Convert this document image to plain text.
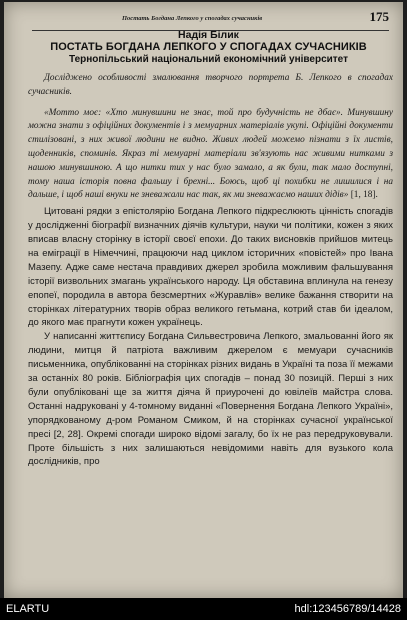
Постать Богдана Лепкого у спогадах сучасників	175
Надія Білик
ПОСТАТЬ БОГДАНА ЛЕПКОГО У СПОГАДАХ СУЧАСНИКІВ
Тернопільський національний економічний університет

Досліджено особливості змалювання творчого портрета Б. Лепкого в спогадах сучасників.

«Мотто моє: «Хто минувшини не знає, той про будучність не дбає». Минувшину можна знати з офіційних документів і з мемуарних матеріалів укупі. Офіційні документи стилізовані, з них живої людини не видно. Живих людей можемо пізнати з їх листів, щоденників, споминів. Якраз ті мемуарні матеріали зв'язують нас живими нитками з нашою минувшиною. А що нитки тих у нас було замало, а як були, так мало доступні, тому наша історія повна фальшу і брехні... Боюсь, щоб ці похибки не лишилися і на дальше, і щоб наші внуки не зневажали нас так, як ми зневажаємо наших дідів» [1, 18].

Цитовані рядки з епістолярію Богдана Лепкого підкреслюють цінність спогадів у дослідженні біографії визначних діячів культури, науки чи політики, кожен з яких вписав власну сторінку в історії своєї епохи. До таких висновків прийшов митець на еміграції в Німеччині, працюючи над циклом історичних «повістей» про Івана Мазепу. Адже саме нестача правдивих джерел зробила можливим фальшування історії визвольних змагань українського народу. Ця обставина вплинула на генезу епопеї, породила в автора безсмертних «Журавлів» велике бажання створити на сторінках літературних творів образ великого гетьмана, котрий став би ідеалом, до якого має прагнути кожен українець.

У написанні життєпису Богдана Сильвестровича Лепкого, змальованні його як людини, митця й патріота важливим джерелом є мемуари сучасників письменника, опублікованні на сторінках різних видань в Україні та поза її межами за останніх 80 років. Бібліографія цих спогадів – понад 30 позицій. Перші з них були опубліковані ще за життя діяча й приурочені до ювілеїв майстра слова. Останні надруковані у 4-томному виданні «Повернення Богдана Лепкого Україні», упорядкованому д-ром Романом Смиком, й на сторінках сучасної української пресі [2, 28]. Окремі спогади широко відомі загалу, бо їх не раз передруковували. Проте більшість з них залишаються невідомими навіть для вузького кола дослідників, про

ELARTU	hdl:123456789/14428
